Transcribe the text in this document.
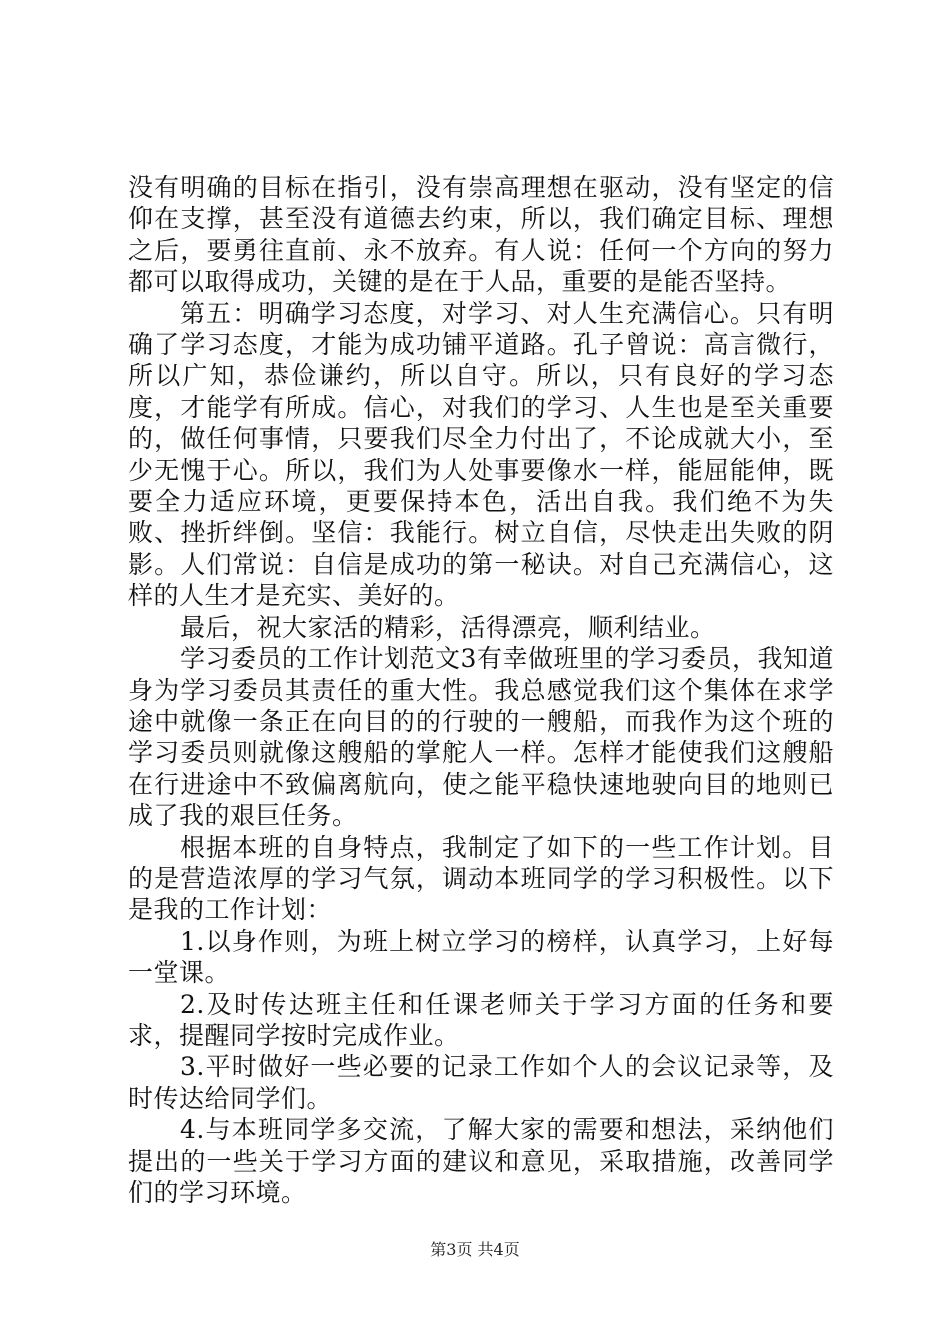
没有明确的目标在指引，没有崇高理想在驱动，没有坚定的信仰在支撑，甚至没有道德去约束，所以，我们确定目标、理想之后，要勇往直前、永不放弃。有人说：任何一个方向的努力都可以取得成功，关键的是在于人品，重要的是能否坚持。

第五：明确学习态度，对学习、对人生充满信心。只有明确了学习态度，才能为成功铺平道路。孔子曾说：高言微行，所以广知，恭俭谦约，所以自守。所以，只有良好的学习态度，才能学有所成。信心，对我们的学习、人生也是至关重要的，做任何事情，只要我们尽全力付出了，不论成就大小，至少无愧于心。所以，我们为人处事要像水一样，能屈能伸，既要全力适应环境，更要保持本色，活出自我。我们绝不为失败、挫折绊倒。坚信：我能行。树立自信，尽快走出失败的阴影。人们常说：自信是成功的第一秘诀。对自己充满信心，这样的人生才是充实、美好的。

最后，祝大家活的精彩，活得漂亮，顺利结业。

学习委员的工作计划范文3有幸做班里的学习委员，我知道身为学习委员其责任的重大性。我总感觉我们这个集体在求学途中就像一条正在向目的的行驶的一艘船，而我作为这个班的学习委员则就像这艘船的掌舵人一样。怎样才能使我们这艘船在行进途中不致偏离航向，使之能平稳快速地驶向目的地则已成了我的艰巨任务。

根据本班的自身特点，我制定了如下的一些工作计划。目的是营造浓厚的学习气氛，调动本班同学的学习积极性。以下是我的工作计划：

1.以身作则，为班上树立学习的榜样，认真学习，上好每一堂课。

2.及时传达班主任和任课老师关于学习方面的任务和要求，提醒同学按时完成作业。

3.平时做好一些必要的记录工作如个人的会议记录等，及时传达给同学们。

4.与本班同学多交流，了解大家的需要和想法，采纳他们提出的一些关于学习方面的建议和意见，采取措施，改善同学们的学习环境。

第3页 共4页
